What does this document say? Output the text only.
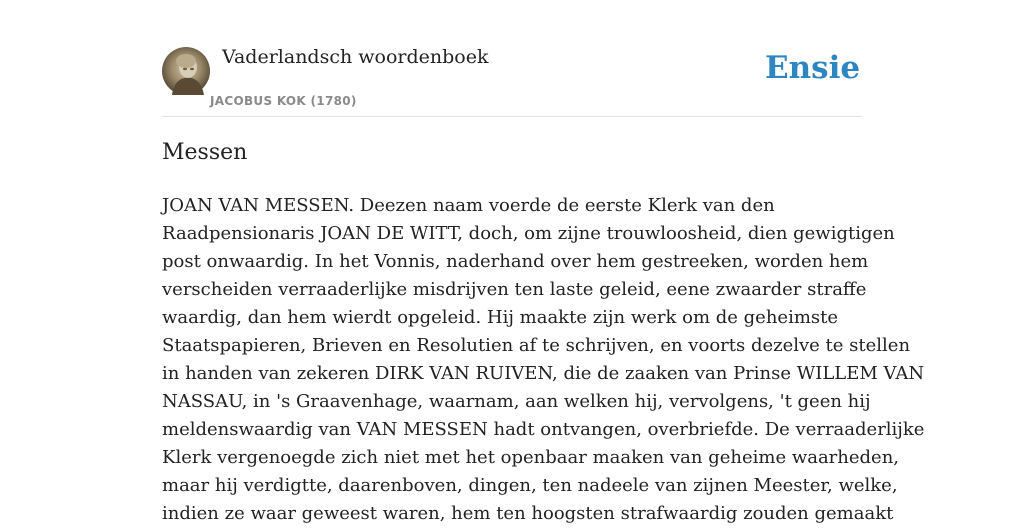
Vaderlandsch woordenboek
JACOBUS KOK (1780)
Ensie
Messen
JOAN VAN MESSEN. Deezen naam voerde de eerste Klerk van den
Raadpensionaris JOAN DE WITT, doch, om zijne trouwloosheid, dien gewigtigen
post onwaardig. In het Vonnis, naderhand over hem gestreeken, worden hem
verscheiden verraaderlijke misdrijven ten laste geleid, eene zwaarder straffe
waardig, dan hem wierdt opgeleid. Hij maakte zijn werk om de geheimste
Staatspapieren, Brieven en Resolutien af te schrijven, en voorts dezelve te stellen
in handen van zekeren DIRK VAN RUIVEN, die de zaaken van Prinse WILLEM VAN
NASSAU, in 's Graavenhage, waarnam, aan welken hij, vervolgens, 't geen hij
meldenswaardig van VAN MESSEN hadt ontvangen, overbriefde. De verraaderlijke
Klerk vergenoegde zich niet met het openbaar maaken van geheime waarheden,
maar hij verdigtte, daarenboven, dingen, ten nadeele van zijnen Meester, welke,
indien ze waar geweest waren, hem ten hoogsten strafwaardig zouden gemaakt
